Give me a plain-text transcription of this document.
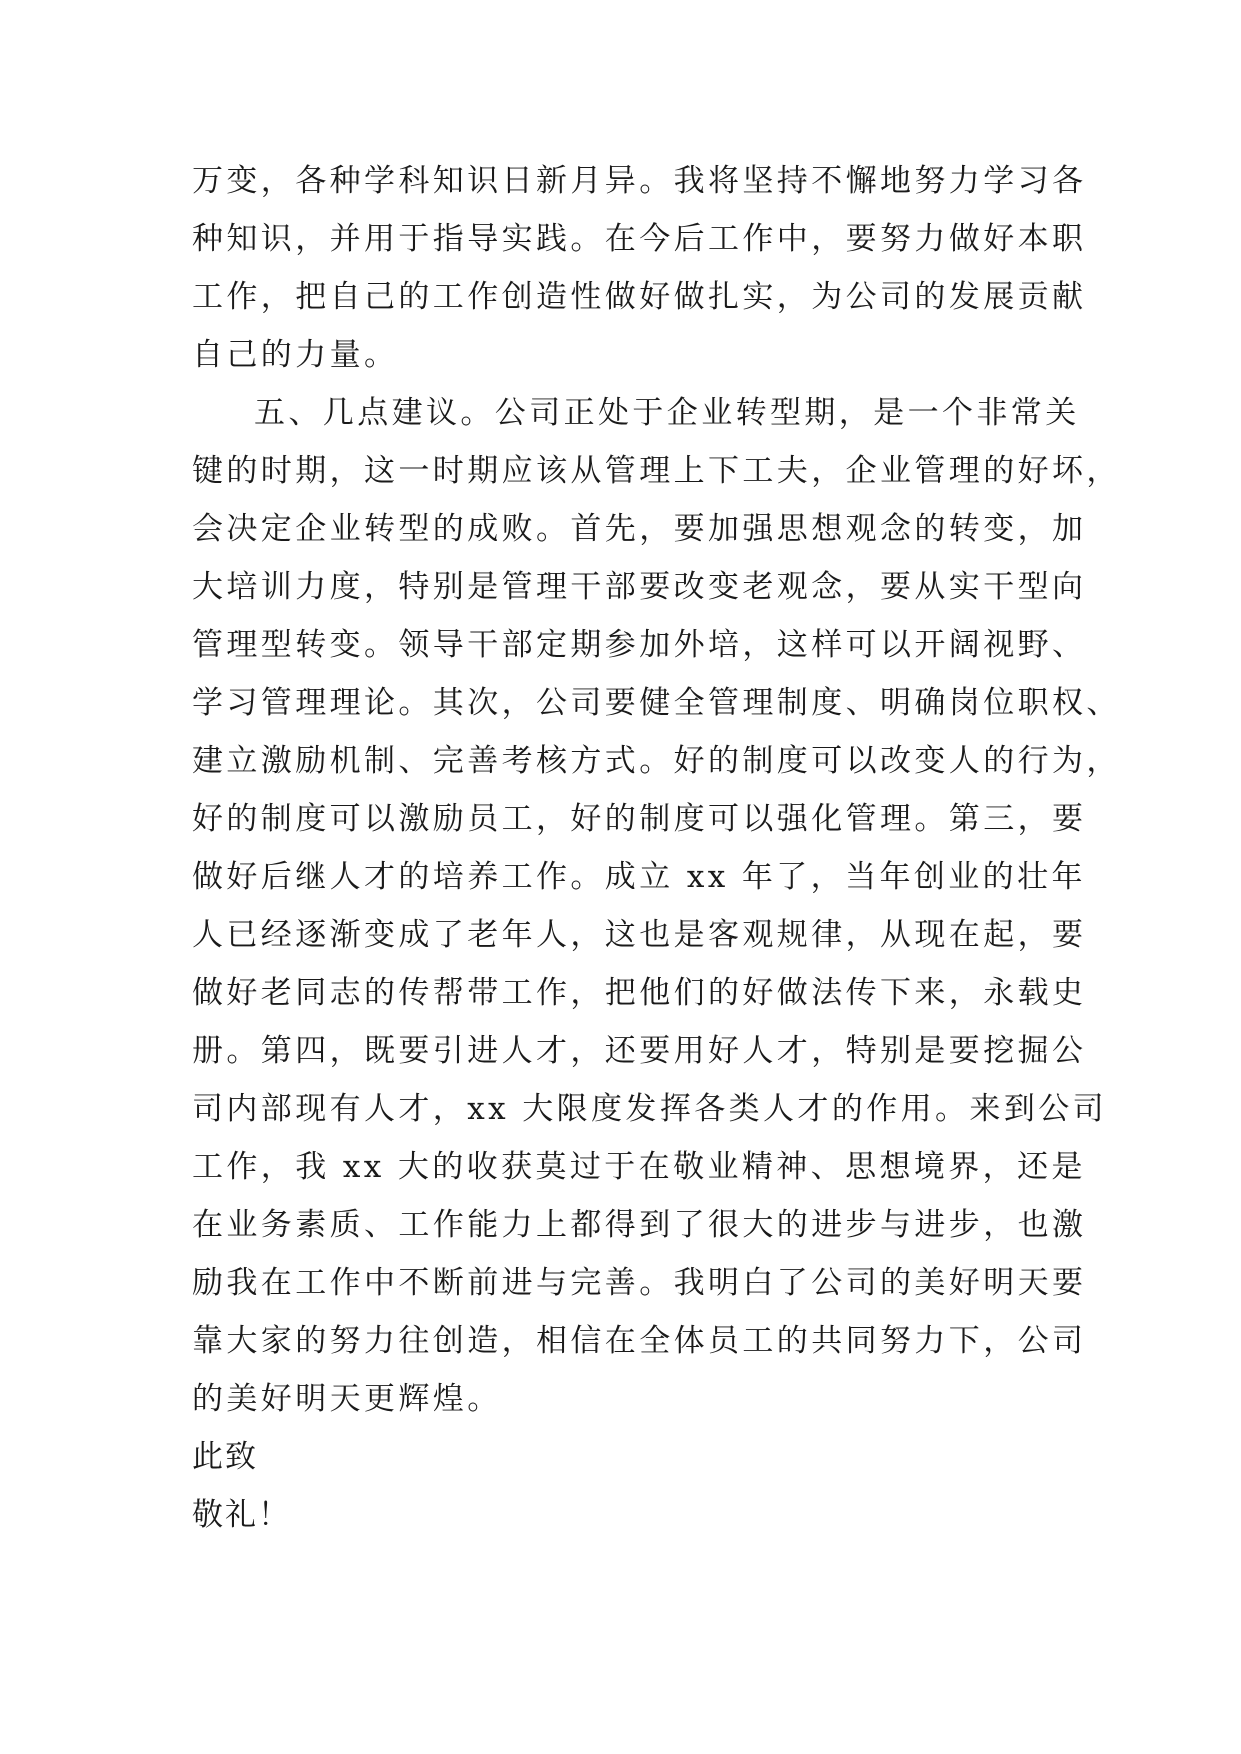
万变，各种学科知识日新月异。我将坚持不懈地努力学习各
种知识，并用于指导实践。在今后工作中，要努力做好本职
工作，把自己的工作创造性做好做扎实，为公司的发展贡献
自己的力量。
五、几点建议。公司正处于企业转型期，是一个非常关
键的时期，这一时期应该从管理上下工夫，企业管理的好坏，
会决定企业转型的成败。首先，要加强思想观念的转变，加
大培训力度，特别是管理干部要改变老观念，要从实干型向
管理型转变。领导干部定期参加外培，这样可以开阔视野、
学习管理理论。其次，公司要健全管理制度、明确岗位职权、
建立激励机制、完善考核方式。好的制度可以改变人的行为，
好的制度可以激励员工，好的制度可以强化管理。第三，要
做好后继人才的培养工作。成立 xx 年了，当年创业的壮年
人已经逐渐变成了老年人，这也是客观规律，从现在起，要
做好老同志的传帮带工作，把他们的好做法传下来，永载史
册。第四，既要引进人才，还要用好人才，特别是要挖掘公
司内部现有人才，xx 大限度发挥各类人才的作用。来到公司
工作，我 xx 大的收获莫过于在敬业精神、思想境界，还是
在业务素质、工作能力上都得到了很大的进步与进步，也激
励我在工作中不断前进与完善。我明白了公司的美好明天要
靠大家的努力往创造，相信在全体员工的共同努力下，公司
的美好明天更辉煌。
此致
敬礼！
